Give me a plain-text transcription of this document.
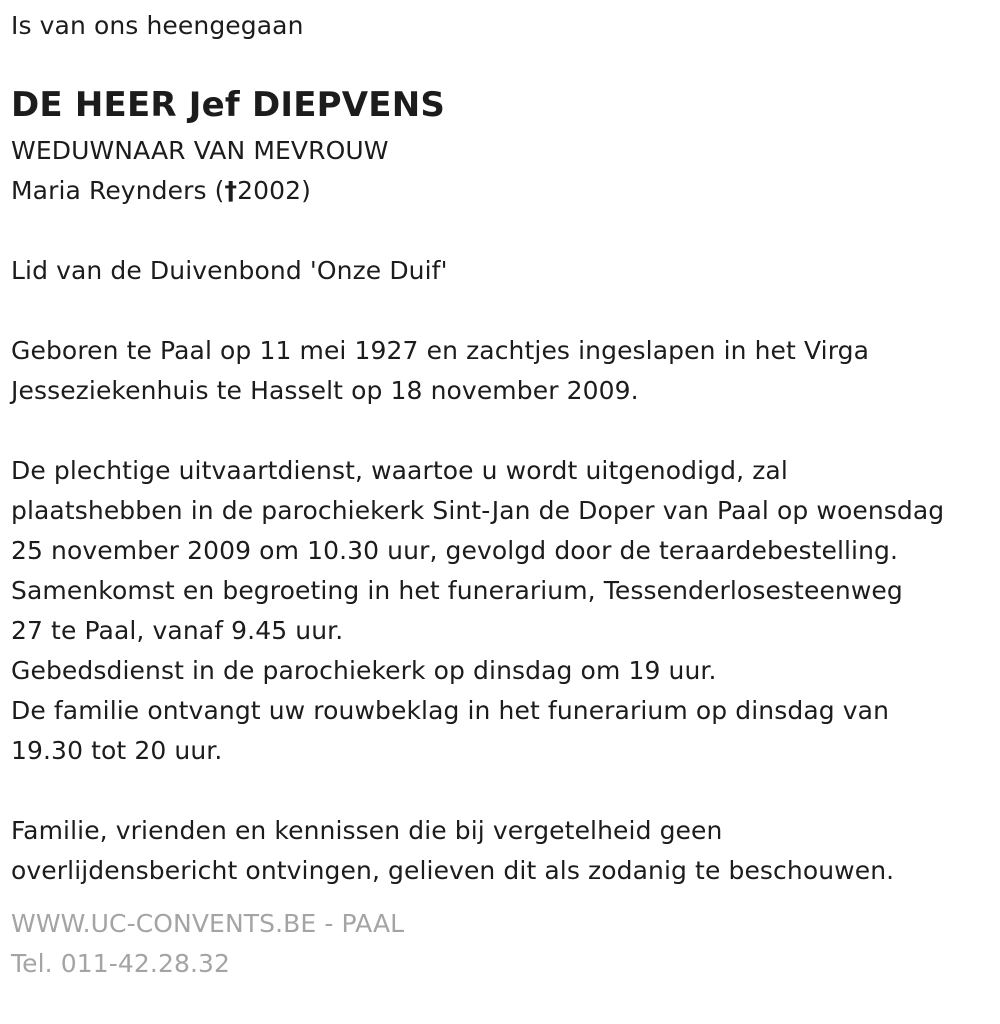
Is van ons heengegaan
DE HEER Jef DIEPVENS
WEDUWNAAR VAN MEVROUW
Maria Reynders (†2002)
Lid van de Duivenbond 'Onze Duif'
Geboren te Paal op 11 mei 1927 en zachtjes ingeslapen in het Virga
Jesseziekenhuis te Hasselt op 18 november 2009.
De plechtige uitvaartdienst, waartoe u wordt uitgenodigd, zal
plaatshebben in de parochiekerk Sint-Jan de Doper van Paal op woensdag
25 november 2009 om 10.30 uur, gevolgd door de teraardebestelling.
Samenkomst en begroeting in het funerarium, Tessenderlosesteenweg
27 te Paal, vanaf 9.45 uur.
Gebedsdienst in de parochiekerk op dinsdag om 19 uur.
De familie ontvangt uw rouwbeklag in het funerarium op dinsdag van
19.30 tot 20 uur.
Familie, vrienden en kennissen die bij vergetelheid geen
overlijdensbericht ontvingen, gelieven dit als zodanig te beschouwen.
WWW.UC-CONVENTS.BE - PAAL
Tel. 011-42.28.32
